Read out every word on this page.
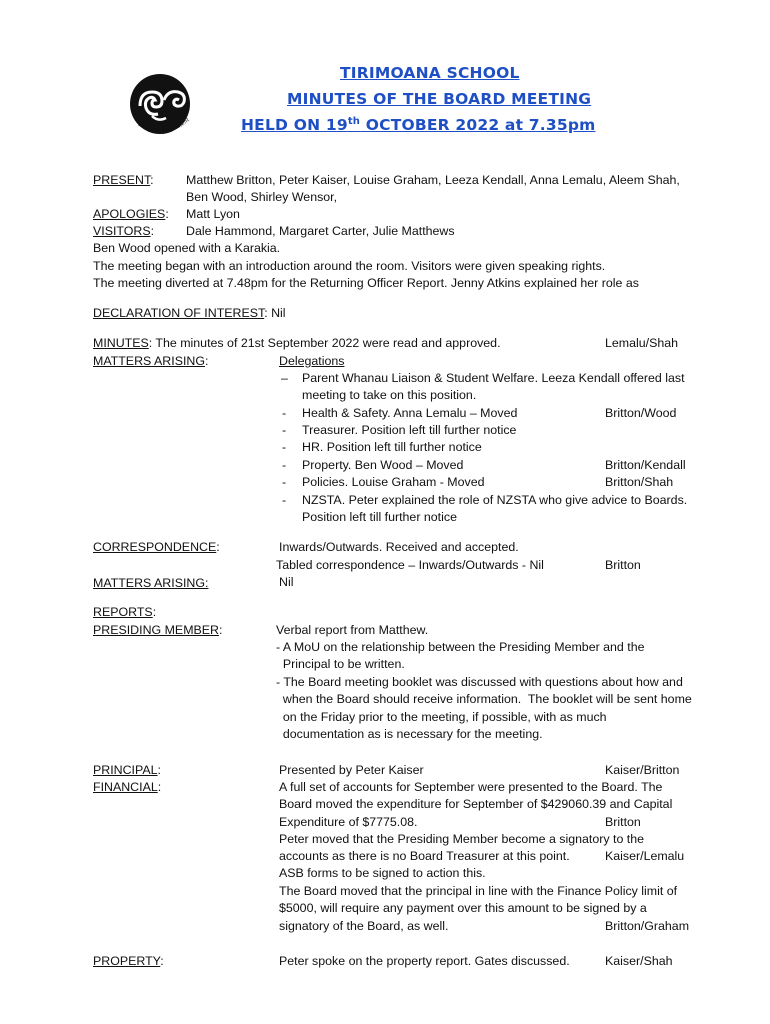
Discover your talent
TIRIMOANA SCHOOL
MINUTES OF THE BOARD MEETING
HELD ON 19th OCTOBER 2022 at 7.35pm
PRESENT:	Matthew Britton, Peter Kaiser, Louise Graham, Leeza Kendall, Anna Lemalu, Aleem Shah,
Ben Wood, Shirley Wensor,
APOLOGIES: Matt Lyon
VISITORS:	Dale Hammond, Margaret Carter, Julie Matthews
Ben Wood opened with a Karakia.
The meeting began with an introduction around the room. Visitors were given speaking rights.
The meeting diverted at 7.48pm for the Returning Officer Report. Jenny Atkins explained her role as
DECLARATION OF INTEREST: Nil
MINUTES: The minutes of 21st September 2022 were read and approved.	Lemalu/Shah
MATTERS ARISING:	Delegations
– Parent Whanau Liaison & Student Welfare. Leeza Kendall offered last
meeting to take on this position.
- Health & Safety. Anna Lemalu – Moved	Britton/Wood
- Treasurer. Position left till further notice
- HR. Position left till further notice
- Property. Ben Wood – Moved	Britton/Kendall
- Policies. Louise Graham - Moved	Britton/Shah
- NZSTA. Peter explained the role of NZSTA who give advice to Boards.
Position left till further notice
CORRESPONDENCE:	Inwards/Outwards. Received and accepted.
Tabled correspondence – Inwards/Outwards - Nil	Britton
MATTERS ARISING:	Nil
REPORTS:
PRESIDING MEMBER:	Verbal report from Matthew.
- A MoU on the relationship between the Presiding Member and the
Principal to be written.
- The Board meeting booklet was discussed with questions about how and
when the Board should receive information.  The booklet will be sent home
on the Friday prior to the meeting, if possible, with as much
documentation as is necessary for the meeting.
PRINCIPAL:	Presented by Peter Kaiser	Kaiser/Britton
FINANCIAL:	A full set of accounts for September were presented to the Board. The
Board moved the expenditure for September of $429060.39 and Capital
Expenditure of $7775.08.	Britton
Peter moved that the Presiding Member become a signatory to the
accounts as there is no Board Treasurer at this point.	Kaiser/Lemalu
ASB forms to be signed to action this.
The Board moved that the principal in line with the Finance Policy limit of
$5000, will require any payment over this amount to be signed by a
signatory of the Board, as well.	Britton/Graham
PROPERTY:	Peter spoke on the property report. Gates discussed.	Kaiser/Shah
